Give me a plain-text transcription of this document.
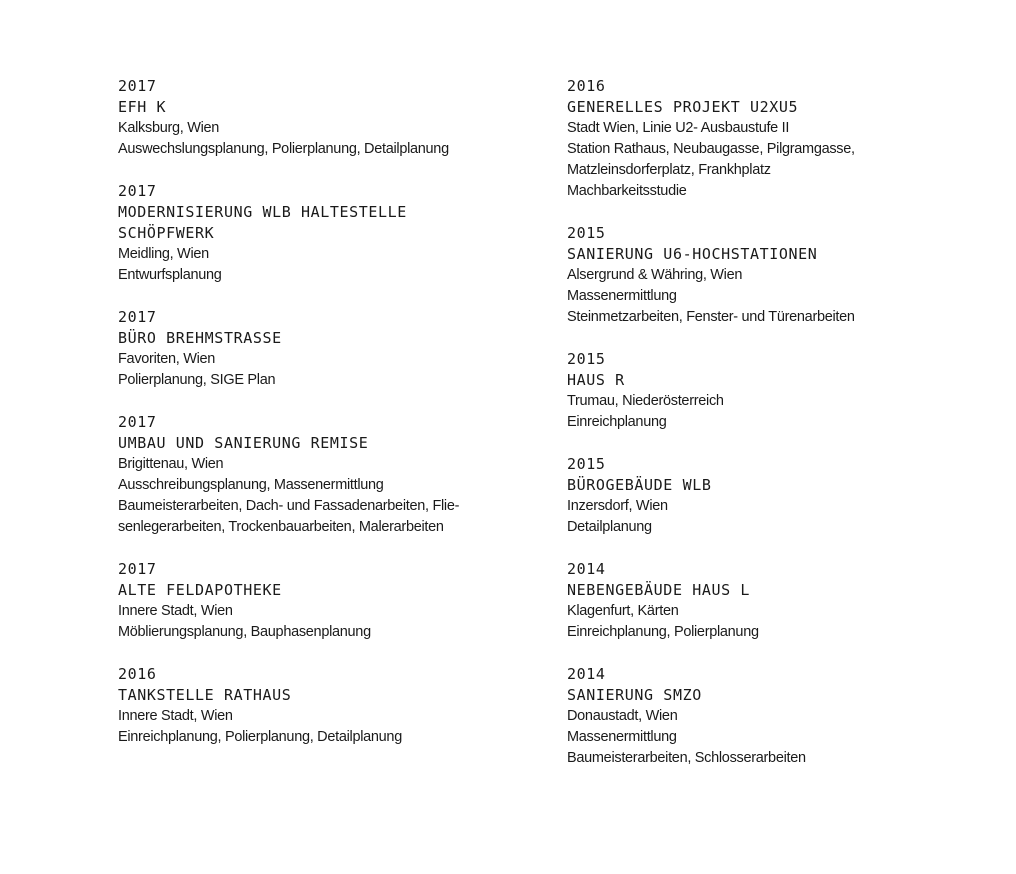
2017
EFH K
Kalksburg, Wien
Auswechslungsplanung, Polierplanung, Detailplanung
2017
MODERNISIERUNG WLB HALTESTELLE
SCHÖPFWERK
Meidling, Wien
Entwurfsplanung
2017
BÜRO BREHMSTRASSE
Favoriten, Wien
Polierplanung, SIGE Plan
2017
UMBAU UND SANIERUNG REMISE
Brigittenau, Wien
Ausschreibungsplanung, Massenermittlung
Baumeisterarbeiten, Dach- und Fassadenarbeiten, Flie-
senlegerarbeiten, Trockenbauarbeiten, Malerarbeiten
2017
ALTE FELDAPOTHEKE
Innere Stadt, Wien
Möblierungsplanung, Bauphasenplanung
2016
TANKSTELLE RATHAUS
Innere Stadt, Wien
Einreichplanung, Polierplanung, Detailplanung
2016
GENERELLES PROJEKT U2XU5
Stadt Wien, Linie U2- Ausbaustufe II
Station Rathaus, Neubaugasse, Pilgramgasse,
Matzleinsdorferplatz, Frankhplatz
Machbarkeitsstudie
2015
SANIERUNG U6-HOCHSTATIONEN
Alsergrund & Währing, Wien
Massenermittlung
Steinmetzarbeiten, Fenster- und Türenarbeiten
2015
HAUS R
Trumau, Niederösterreich
Einreichplanung
2015
BÜROGEBÄUDE WLB
Inzersdorf, Wien
Detailplanung
2014
NEBENGEBÄUDE HAUS L
Klagenfurt, Kärten
Einreichplanung, Polierplanung
2014
SANIERUNG SMZO
Donaustadt, Wien
Massenermittlung
Baumeisterarbeiten, Schlosserarbeiten
